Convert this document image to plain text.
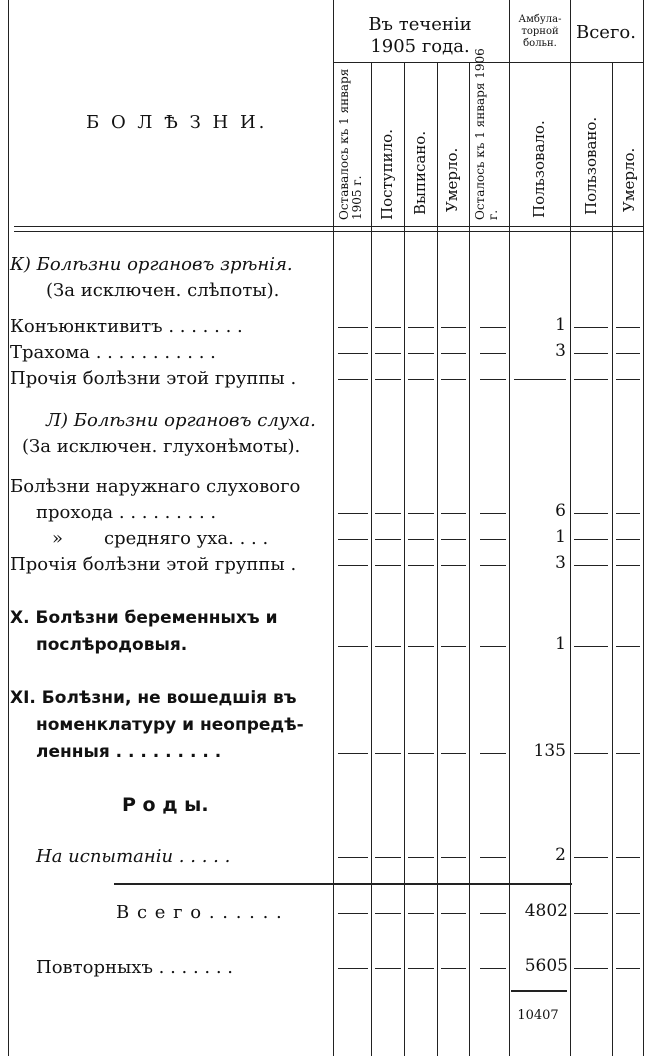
Б О Л Ѣ З Н И.
Въ теченіи 1905 года.
Амбула- торной больн.
Всего.
Оставалось къ 1 января 1905 г. Поступило. Выписано. Умерло. Осталось къ 1 января 1906 г. Пользовало. Пользовано. Умерло.
К) Болѣзни органовъ зрѣнія.
(За исключен. слѣпоты).
Конъюнктивитъ . . . . . . .
Трахома . . . . . . . . . . .
Прочія болѣзни этой группы .
Л) Болѣзни органовъ слуха.
(За исключен. глухонѣмоты).
Болѣзни наружнаго слухового
прохода . . . . . . . . .
» средняго уха. . . .
Прочія болѣзни этой группы .
X. Болѣзни беременныхъ и
послѣродовыя.
XI. Болѣзни, не вошедшія въ
номенклатуру и неопредѣ-
ленныя . . . . . . . . .
Р о д ы.
На испытаніи . . . . .
В с е г о . . . . . .
Повторныхъ . . . . . . .
1
3
6
1
3
1
135
2
4802
5605
10407
